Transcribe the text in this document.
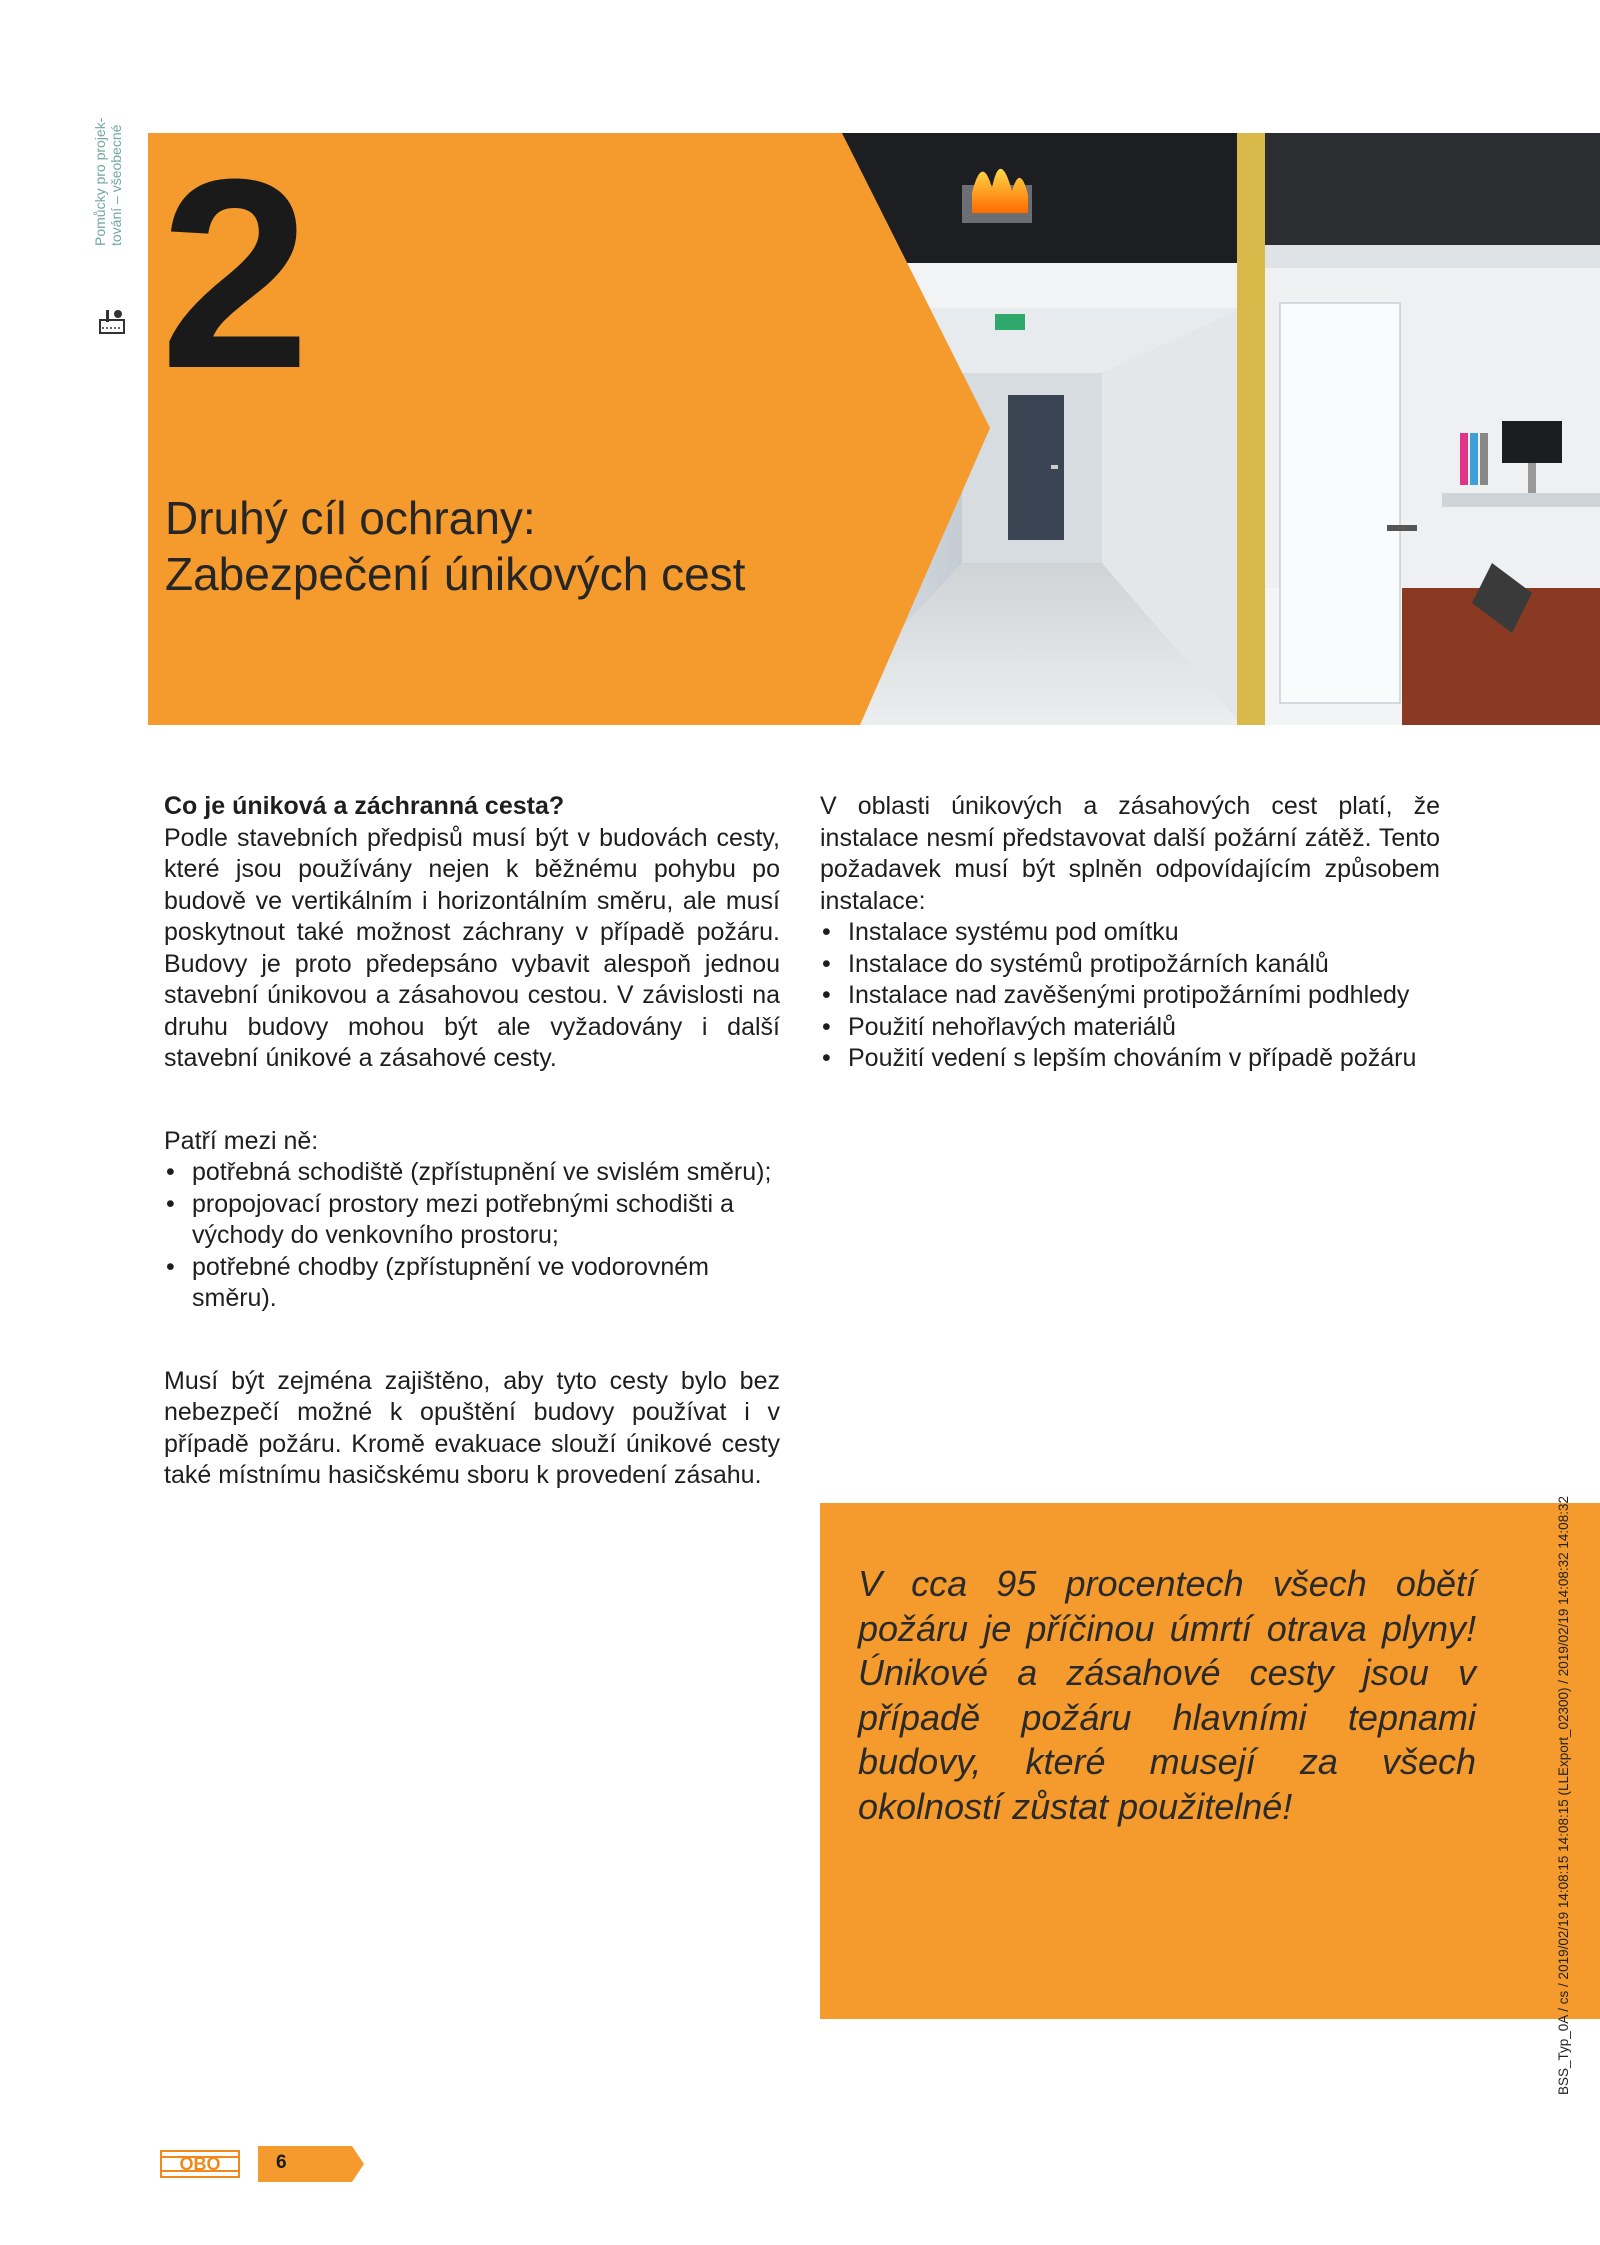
Pomůcky pro projek-tování – všeobecné 2
Druhý cíl ochrany:
Zabezpečení únikových cest

Co je úniková a záchranná cesta?

Podle stavebních předpisů musí být v budovách cesty, které jsou používány nejen k běžnému pohybu po budově ve vertikálním i horizontálním směru, ale musí poskytnout také možnost záchrany v případě požáru. Budovy je proto předepsáno vybavit alespoň jednou stavební únikovou a zásahovou cestou. V závislosti na druhu budovy mohou být ale vyžadovány i další stavební únikové a zásahové cesty.

Patří mezi ně:

• potřebná schodiště (zpřístupnění ve svislém směru);
• propojovací prostory mezi potřebnými schodišti a východy do venkovního prostoru;
• potřebné chodby (zpřístupnění ve vodorovném směru).

Musí být zejména zajištěno, aby tyto cesty bylo bez nebezpečí možné k opuštění budovy používat i v případě požáru. Kromě evakuace slouží únikové cesty také místnímu hasičskému sboru k provedení zásahu.

V oblasti únikových a zásahových cest platí, že instalace nesmí představovat další požární zátěž. Tento požadavek musí být splněn odpovídajícím způsobem instalace:

• Instalace systému pod omítku
• Instalace do systémů protipožárních kanálů
• Instalace nad zavěšenými protipožárními podhledy
• Použití nehořlavých materiálů
• Použití vedení s lepším chováním v případě požáru
V cca 95 procentech všech obětí požáru je příčinou úmrtí otrava plyny! Únikové a zásahové cesty jsou v případě požáru hlavními tepnami budovy, které musejí za všech okolností zůstat použitelné!	BSS_Typ_0A / cs / 2019/02/19 14:08:15 14:08:15 (LLExport_02300) / 2019/02/19 14:08:32 14:08:32
OBO	6
